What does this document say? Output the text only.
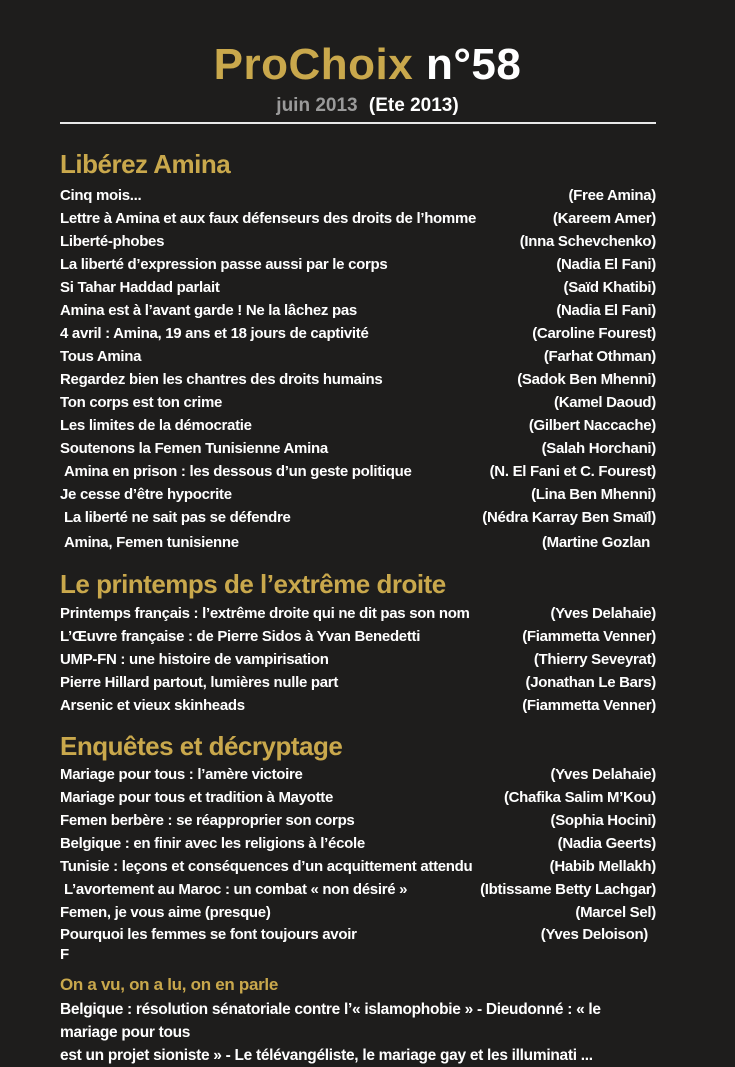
ProChoix n°58
juin 2013 (Ete 2013)
Libérez Amina
Cinq mois...	(Free Amina)
Lettre à Amina et aux faux défenseurs des droits de l’homme	(Kareem Amer)
Liberté-phobes	(Inna Schevchenko)
La liberté d’expression passe aussi par le corps	(Nadia El Fani)
Si Tahar Haddad parlait	(Saïd Khatibi)
Amina est à l’avant garde ! Ne la lâchez pas	(Nadia El Fani)
4 avril : Amina, 19 ans et 18 jours de captivité	(Caroline Fourest)
Tous Amina	(Farhat Othman)
Regardez bien les chantres des droits humains	(Sadok Ben Mhenni)
Ton corps est ton crime	(Kamel Daoud)
Les limites de la démocratie	(Gilbert Naccache)
Soutenons la Femen Tunisienne Amina	(Salah Horchani)
Amina en prison : les dessous d’un geste politique	(N. El Fani et C. Fourest)
Je cesse d’être hypocrite	(Lina Ben Mhenni)
La liberté ne sait pas se défendre	(Nédra Karray Ben Smaïl)
Amina, Femen tunisienne	(Martine Gozlan
Le printemps de l’extrême droite
Printemps français : l’extrême droite qui ne dit pas son nom	(Yves Delahaie)
L’Œuvre française : de Pierre Sidos à Yvan Benedetti	(Fiammetta Venner)
UMP-FN : une histoire de vampirisation	(Thierry Seveyrat)
Pierre Hillard partout, lumières nulle part	(Jonathan Le Bars)
Arsenic et vieux skinheads	(Fiammetta Venner)
Enquêtes et décryptage
Mariage pour tous : l’amère victoire	(Yves Delahaie)
Mariage pour tous et tradition à Mayotte	(Chafika Salim M’Kou)
Femen berbère : se réapproprier son corps	(Sophia Hocini)
Belgique : en finir avec les religions à l’école	(Nadia Geerts)
Tunisie : leçons et conséquences d’un acquittement attendu	(Habib Mellakh)
L’avortement au Maroc : un combat « non désiré »	(Ibtissame Betty Lachgar)
Femen, je vous aime (presque)	(Marcel Sel)
Pourquoi les femmes se font toujours avoir	(Yves Deloison)
F
On a vu, on a lu, on en parle
Belgique : résolution sénatoriale contre l’« islamophobie » - Dieudonné : « le mariage pour tous
est un projet sioniste » - Le télévangéliste, le mariage gay et les illuminati ...
